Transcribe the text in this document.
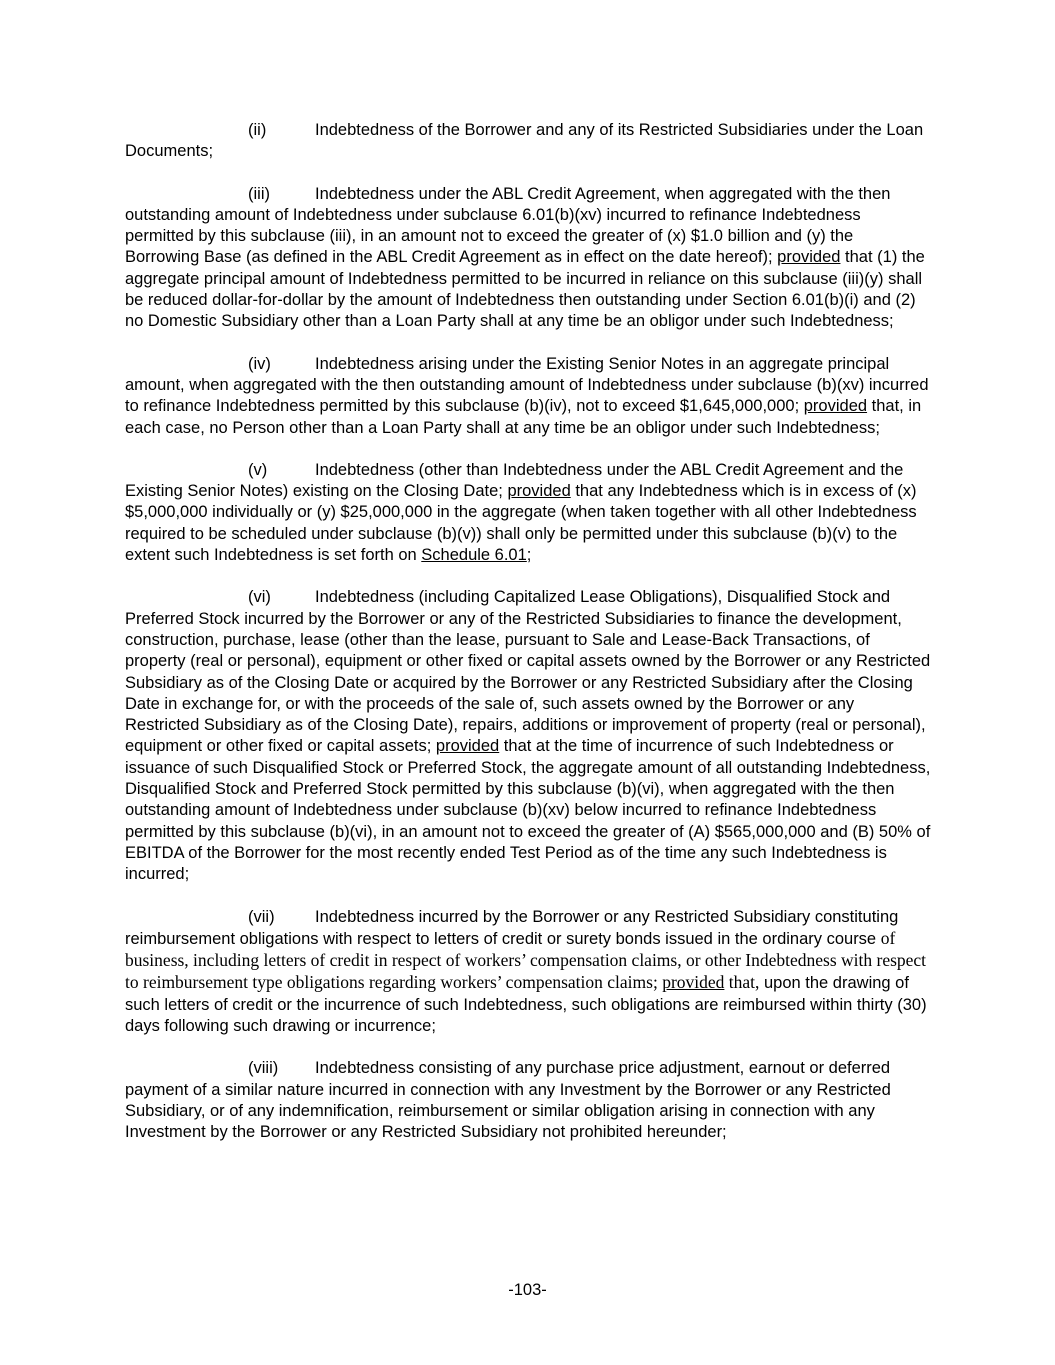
(ii)	Indebtedness of the Borrower and any of its Restricted Subsidiaries under the Loan Documents;

(iii)	Indebtedness under the ABL Credit Agreement, when aggregated with the then outstanding amount of Indebtedness under subclause 6.01(b)(xv) incurred to refinance Indebtedness permitted by this subclause (iii), in an amount not to exceed the greater of (x) $1.0 billion and (y) the Borrowing Base (as defined in the ABL Credit Agreement as in effect on the date hereof); provided that (1) the aggregate principal amount of Indebtedness permitted to be incurred in reliance on this subclause (iii)(y) shall be reduced dollar-for-dollar by the amount of Indebtedness then outstanding under Section 6.01(b)(i) and (2) no Domestic Subsidiary other than a Loan Party shall at any time be an obligor under such Indebtedness;

(iv)	Indebtedness arising under the Existing Senior Notes in an aggregate principal amount, when aggregated with the then outstanding amount of Indebtedness under subclause (b)(xv) incurred to refinance Indebtedness permitted by this subclause (b)(iv), not to exceed $1,645,000,000; provided that, in each case, no Person other than a Loan Party shall at any time be an obligor under such Indebtedness;

(v)	Indebtedness (other than Indebtedness under the ABL Credit Agreement and the Existing Senior Notes) existing on the Closing Date; provided that any Indebtedness which is in excess of (x) $5,000,000 individually or (y) $25,000,000 in the aggregate (when taken together with all other Indebtedness required to be scheduled under subclause (b)(v)) shall only be permitted under this subclause (b)(v) to the extent such Indebtedness is set forth on Schedule 6.01;

(vi)	Indebtedness (including Capitalized Lease Obligations), Disqualified Stock and Preferred Stock incurred by the Borrower or any of the Restricted Subsidiaries to finance the development, construction, purchase, lease (other than the lease, pursuant to Sale and Lease-Back Transactions, of property (real or personal), equipment or other fixed or capital assets owned by the Borrower or any Restricted Subsidiary as of the Closing Date or acquired by the Borrower or any Restricted Subsidiary after the Closing Date in exchange for, or with the proceeds of the sale of, such assets owned by the Borrower or any Restricted Subsidiary as of the Closing Date), repairs, additions or improvement of property (real or personal), equipment or other fixed or capital assets; provided that at the time of incurrence of such Indebtedness or issuance of such Disqualified Stock or Preferred Stock, the aggregate amount of all outstanding Indebtedness, Disqualified Stock and Preferred Stock permitted by this subclause (b)(vi), when aggregated with the then outstanding amount of Indebtedness under subclause (b)(xv) below incurred to refinance Indebtedness permitted by this subclause (b)(vi), in an amount not to exceed the greater of (A) $565,000,000 and (B) 50% of EBITDA of the Borrower for the most recently ended Test Period as of the time any such Indebtedness is incurred;

(vii) Indebtedness incurred by the Borrower or any Restricted Subsidiary constituting reimbursement obligations with respect to letters of credit or surety bonds issued in the ordinary course of business, including letters of credit in respect of workers’ compensation claims, or other Indebtedness with respect to reimbursement type obligations regarding workers’ compensation claims; provided that, upon the drawing of such letters of credit or the incurrence of such Indebtedness, such obligations are reimbursed within thirty (30) days following such drawing or incurrence;

(viii) Indebtedness consisting of any purchase price adjustment, earnout or deferred payment of a similar nature incurred in connection with any Investment by the Borrower or any Restricted Subsidiary, or of any indemnification, reimbursement or similar obligation arising in connection with any Investment by the Borrower or any Restricted Subsidiary not prohibited hereunder;

-103-
